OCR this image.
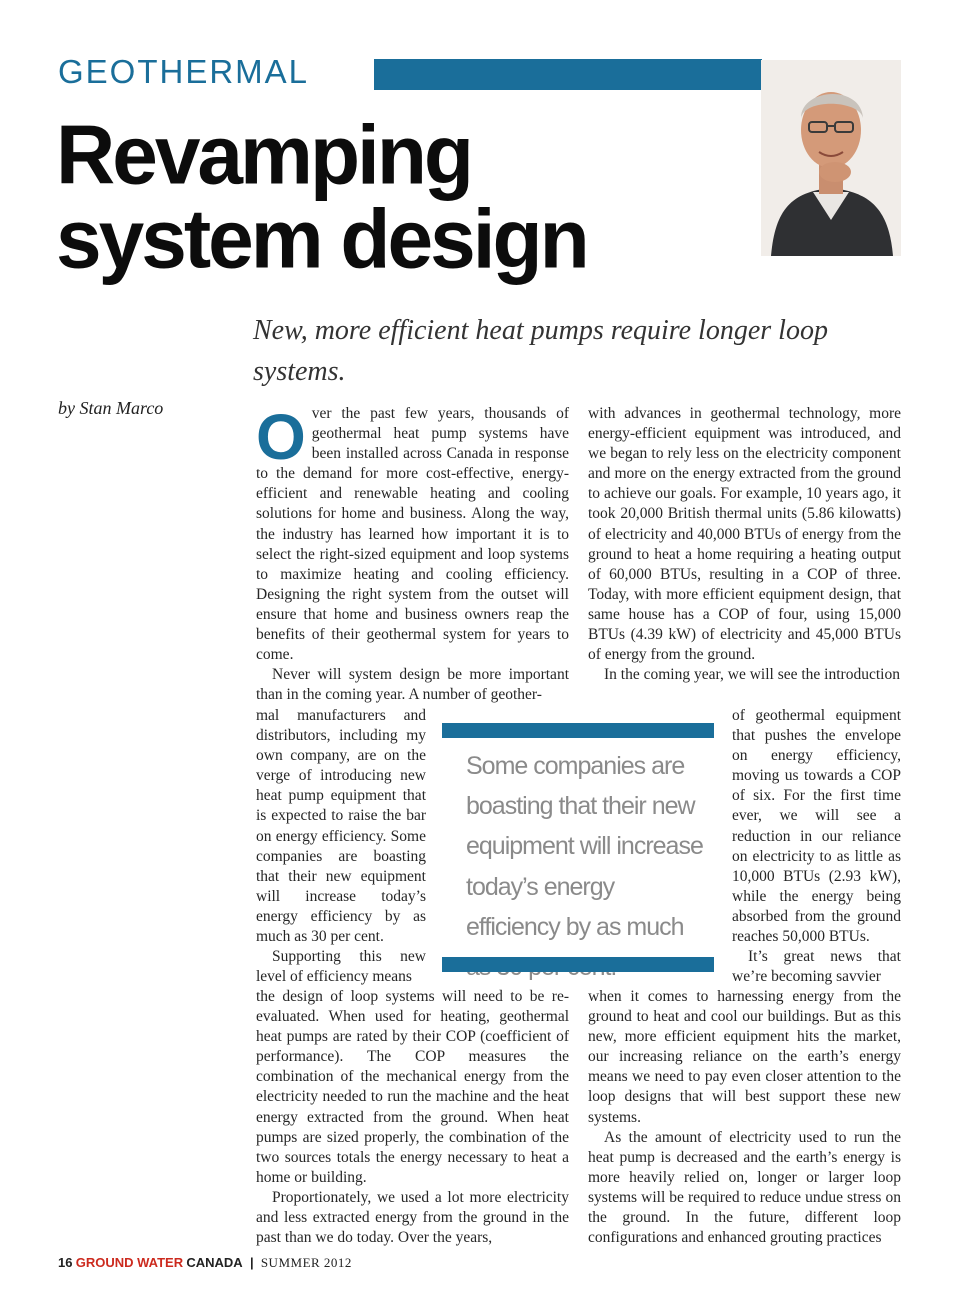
GEOTHERMAL
Revamping
system design
New, more efficient heat pumps require longer loop systems.
by Stan Marco Over the past few years, thousands of geothermal heat pump systems have been installed across Canada in response to the demand for more cost-effective, energy-efficient and renewable heating and cooling solutions for home and business. Along the way, the industry has learned how important it is to select the right-sized equipment and loop systems to maximize heating and cooling efficiency. Designing the right system from the outset will ensure that home and business owners reap the benefits of their geothermal system for years to come.

Never will system design be more important than in the coming year. A number of geother-

mal manufacturers and distributors, including my own company, are on the verge of introducing new heat pump equipment that is expected to raise the bar on energy efficiency. Some companies are boasting that their new equipment will increase today’s energy efficiency by as much as 30 per cent.

Supporting this new level of efficiency means

the design of loop systems will need to be re-evaluated. When used for heating, geothermal heat pumps are rated by their COP (coefficient of performance). The COP measures the combination of the mechanical energy from the electricity needed to run the machine and the heat energy extracted from the ground. When heat pumps are sized properly, the combination of the two sources totals the energy necessary to heat a home or building.

Proportionately, we used a lot more electricity and less extracted energy from the ground in the past than we do today. Over the years,

with advances in geothermal technology, more energy-efficient equipment was introduced, and we began to rely less on the electricity component and more on the energy extracted from the ground to achieve our goals. For example, 10 years ago, it took 20,000 British thermal units (5.86 kilowatts) of electricity and 40,000 BTUs of energy from the ground to heat a home requiring a heating output of 60,000 BTUs, resulting in a COP of three. Today, with more efficient equipment design, that same house has a COP of four, using 15,000 BTUs (4.39 kW) of electricity and 45,000 BTUs of energy from the ground.

In the coming year, we will see the introduction

of geothermal equipment that pushes the envelope on energy efficiency, moving us towards a COP of six. For the first time ever, we will see a reduction in our reliance on electricity to as little as 10,000 BTUs (2.93 kW), while the energy being absorbed from the ground reaches 50,000 BTUs.

It’s great news that we’re becoming savvier

when it comes to harnessing energy from the ground to heat and cool our buildings. But as this new, more efficient equipment hits the market, our increasing reliance on the earth’s energy means we need to pay even closer attention to the loop designs that will best support these new systems.

As the amount of electricity used to run the heat pump is decreased and the earth’s energy is more heavily relied on, longer or larger loop systems will be required to reduce undue stress on the ground. In the future, different loop configurations and enhanced grouting practices

Some companies are boasting that their new equipment will increase today’s energy efficiency by as much
16 GROUND WATER CANADA | SUMMER 2012
